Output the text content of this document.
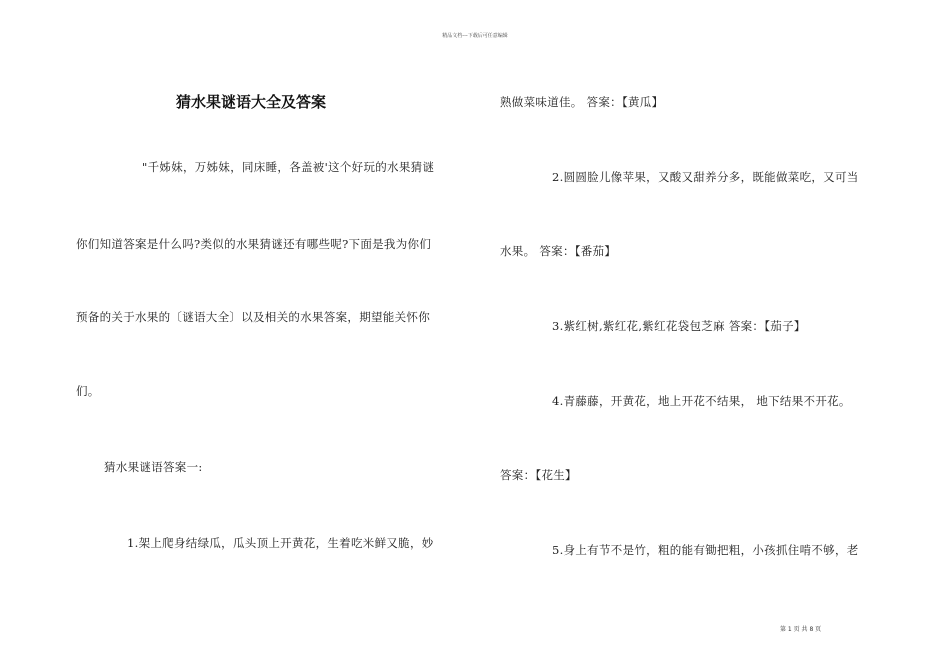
精品文档---下载后可任意编辑
猜水果谜语大全及答案
"千姊妹，万姊妹，同床睡，各盖被'这个好玩的水果猜谜
你们知道答案是什么吗?类似的水果猜谜还有哪些呢?下面是我为你们
预备的关于水果的〔谜语大全〕以及相关的水果答案，期望能关怀你
们。
猜水果谜语答案一:
1.架上爬身结绿瓜，瓜头顶上开黄花，生着吃米鲜又脆，妙
熟做菜味道佳。 答案：【黄瓜】
2.圆圆脸儿像苹果，又酸又甜养分多，既能做菜吃，又可当
水果。 答案：【番茄】
3.紫红树,紫红花,紫红花袋包芝麻 答案：【茄子】
4.青藤藤，开黄花，地上开花不结果， 地下结果不开花。
答案：【花生】
5.身上有节不是竹，粗的能有锄把粗，小孩抓住啃不够，老
第 1 页 共 8 页
